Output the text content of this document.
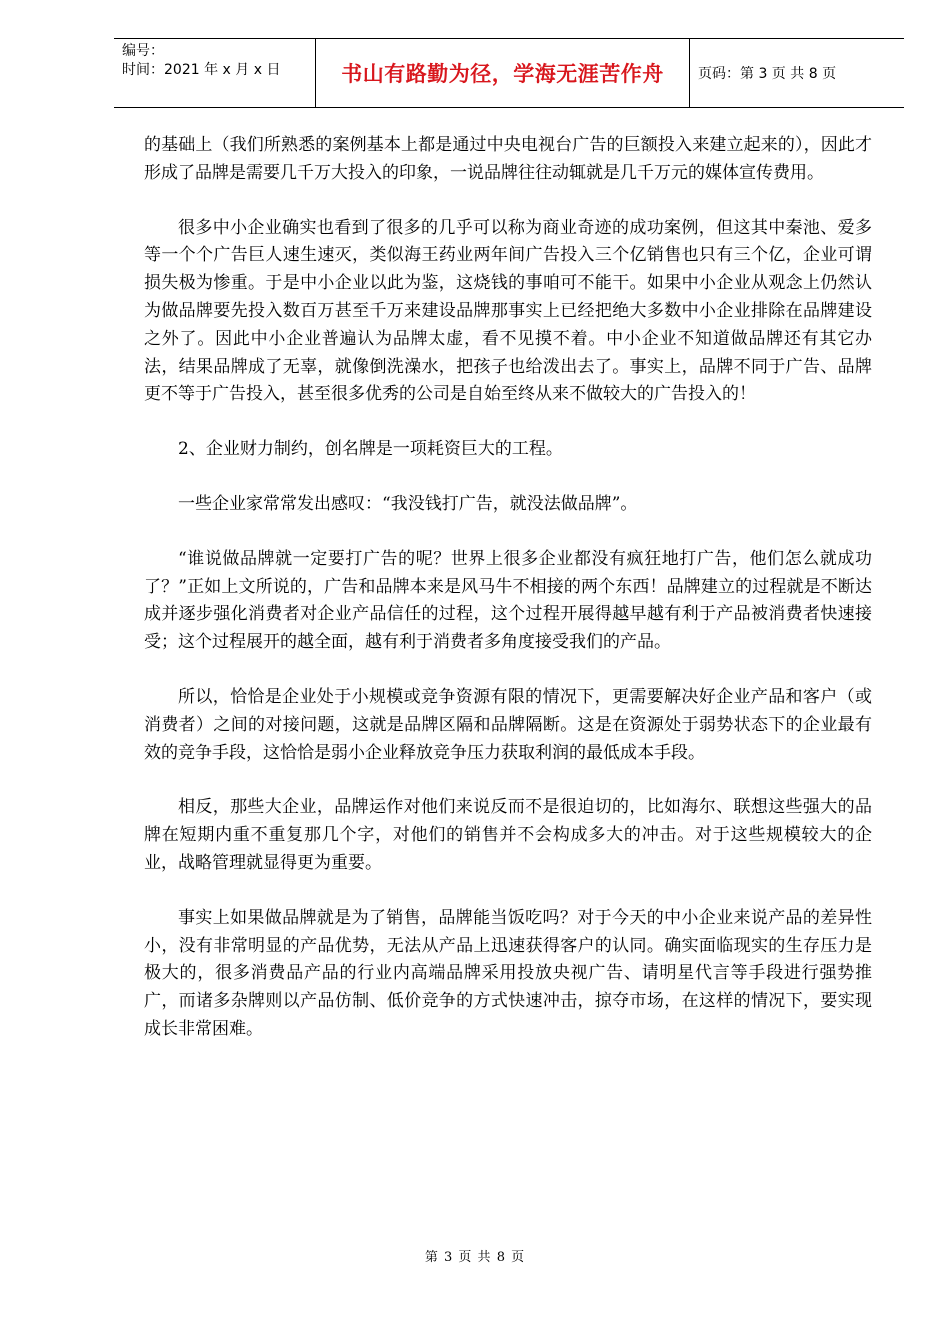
编号：
时间：2021 年 x 月 x 日	书山有路勤为径，学海无涯苦作舟	页码：第 3 页 共 8 页

的基础上（我们所熟悉的案例基本上都是通过中央电视台广告的巨额投入来建立起来的），因此才形成了品牌是需要几千万大投入的印象，一说品牌往往动辄就是几千万元的媒体宣传费用。

很多中小企业确实也看到了很多的几乎可以称为商业奇迹的成功案例，但这其中秦池、爱多等一个个广告巨人速生速灭，类似海王药业两年间广告投入三个亿销售也只有三个亿，企业可谓损失极为惨重。于是中小企业以此为鉴，这烧钱的事咱可不能干。如果中小企业从观念上仍然认为做品牌要先投入数百万甚至千万来建设品牌那事实上已经把绝大多数中小企业排除在品牌建设之外了。因此中小企业普遍认为品牌太虚，看不见摸不着。中小企业不知道做品牌还有其它办法，结果品牌成了无辜，就像倒洗澡水，把孩子也给泼出去了。事实上，品牌不同于广告、品牌更不等于广告投入，甚至很多优秀的公司是自始至终从来不做较大的广告投入的！

2、企业财力制约，创名牌是一项耗资巨大的工程。

一些企业家常常发出感叹：“我没钱打广告，就没法做品牌”。

“谁说做品牌就一定要打广告的呢？世界上很多企业都没有疯狂地打广告，他们怎么就成功了？”正如上文所说的，广告和品牌本来是风马牛不相接的两个东西！品牌建立的过程就是不断达成并逐步强化消费者对企业产品信任的过程，这个过程开展得越早越有利于产品被消费者快速接受；这个过程展开的越全面，越有利于消费者多角度接受我们的产品。

所以，恰恰是企业处于小规模或竞争资源有限的情况下，更需要解决好企业产品和客户（或消费者）之间的对接问题，这就是品牌区隔和品牌隔断。这是在资源处于弱势状态下的企业最有效的竞争手段，这恰恰是弱小企业释放竞争压力获取利润的最低成本手段。

相反，那些大企业，品牌运作对他们来说反而不是很迫切的，比如海尔、联想这些强大的品牌在短期内重不重复那几个字，对他们的销售并不会构成多大的冲击。对于这些规模较大的企业，战略管理就显得更为重要。

事实上如果做品牌就是为了销售，品牌能当饭吃吗？对于今天的中小企业来说产品的差异性小，没有非常明显的产品优势，无法从产品上迅速获得客户的认同。确实面临现实的生存压力是极大的，很多消费品产品的行业内高端品牌采用投放央视广告、请明星代言等手段进行强势推广，而诸多杂牌则以产品仿制、低价竞争的方式快速冲击，掠夺市场，在这样的情况下，要实现成长非常困难。

第 3 页 共 8 页
